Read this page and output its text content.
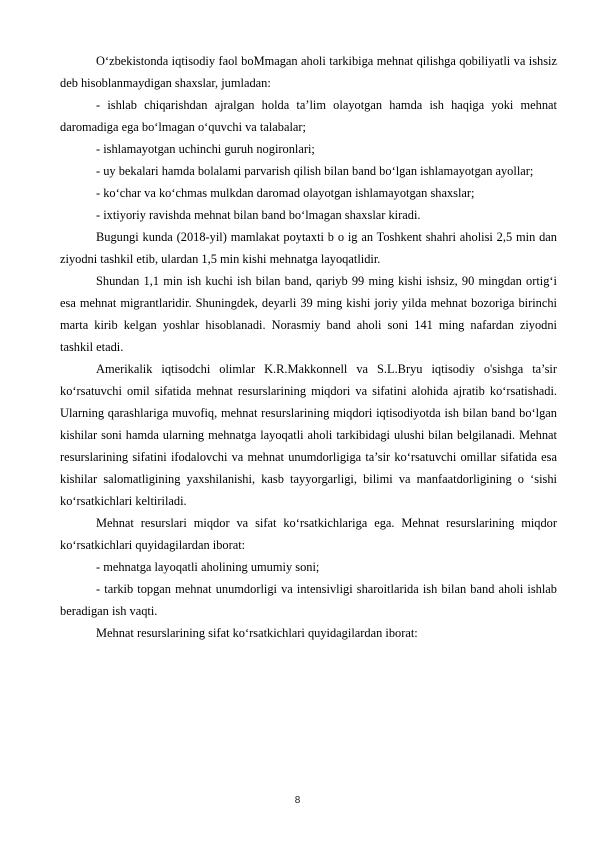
O‘zbekistonda iqtisodiy faol boMmagan aholi tarkibiga mehnat qilishga qobiliyatli va ishsiz deb hisoblanmaydigan shaxslar, jumladan:

- ishlab chiqarishdan ajralgan holda ta’lim olayotgan hamda ish haqiga yoki mehnat daromadiga ega bo‘lmagan o‘quvchi va talabalar;

- ishlamayotgan uchinchi guruh nogironlari;

- uy bekalari hamda bolalami parvarish qilish bilan band bo‘lgan ishlamayotgan ayollar;

- ko‘char va ko‘chmas mulkdan daromad olayotgan ishlamayotgan shaxslar;

- ixtiyoriy ravishda mehnat bilan band bo‘lmagan shaxslar kiradi.

Bugungi kunda (2018-yil) mamlakat poytaxti b o ig an Toshkent shahri aholisi 2,5 min dan ziyodni tashkil etib, ulardan 1,5 min kishi mehnatga layoqatlidir.

Shundan 1,1 min ish kuchi ish bilan band, qariyb 99 ming kishi ishsiz, 90 mingdan ortig‘i esa mehnat migrantlaridir. Shuningdek, deyarli 39 ming kishi joriy yilda mehnat bozoriga birinchi marta kirib kelgan yoshlar hisoblanadi. Norasmiy band aholi soni 141 ming nafardan ziyodni tashkil etadi.

Amerikalik iqtisodchi olimlar K.R.Makkonnell va S.L.Bryu iqtisodiy o'sishga ta’sir ko‘rsatuvchi omil sifatida mehnat resurslarining miqdori va sifatini alohida ajratib ko‘rsatishadi. Ularning qarashlariga muvofiq, mehnat resurslarining miqdori iqtisodiyotda ish bilan band bo‘lgan kishilar soni hamda ularning mehnatga layoqatli aholi tarkibidagi ulushi bilan belgilanadi. Mehnat resurslarining sifatini ifodalovchi va mehnat unumdorligiga ta’sir ko‘rsatuvchi omillar sifatida esa kishilar salomatligining yaxshilanishi, kasb tayyorgarligi, bilimi va manfaatdorligining o ‘sishi ko‘rsatkichlari keltiriladi.

Mehnat resurslari miqdor va sifat ko‘rsatkichlariga ega. Mehnat resurslarining miqdor ko‘rsatkichlari quyidagilardan iborat:

- mehnatga layoqatli aholining umumiy soni;

- tarkib topgan mehnat unumdorligi va intensivligi sharoitlarida ish bilan band aholi ishlab beradigan ish vaqti.

Mehnat resurslarining sifat ko‘rsatkichlari quyidagilardan iborat:

8
